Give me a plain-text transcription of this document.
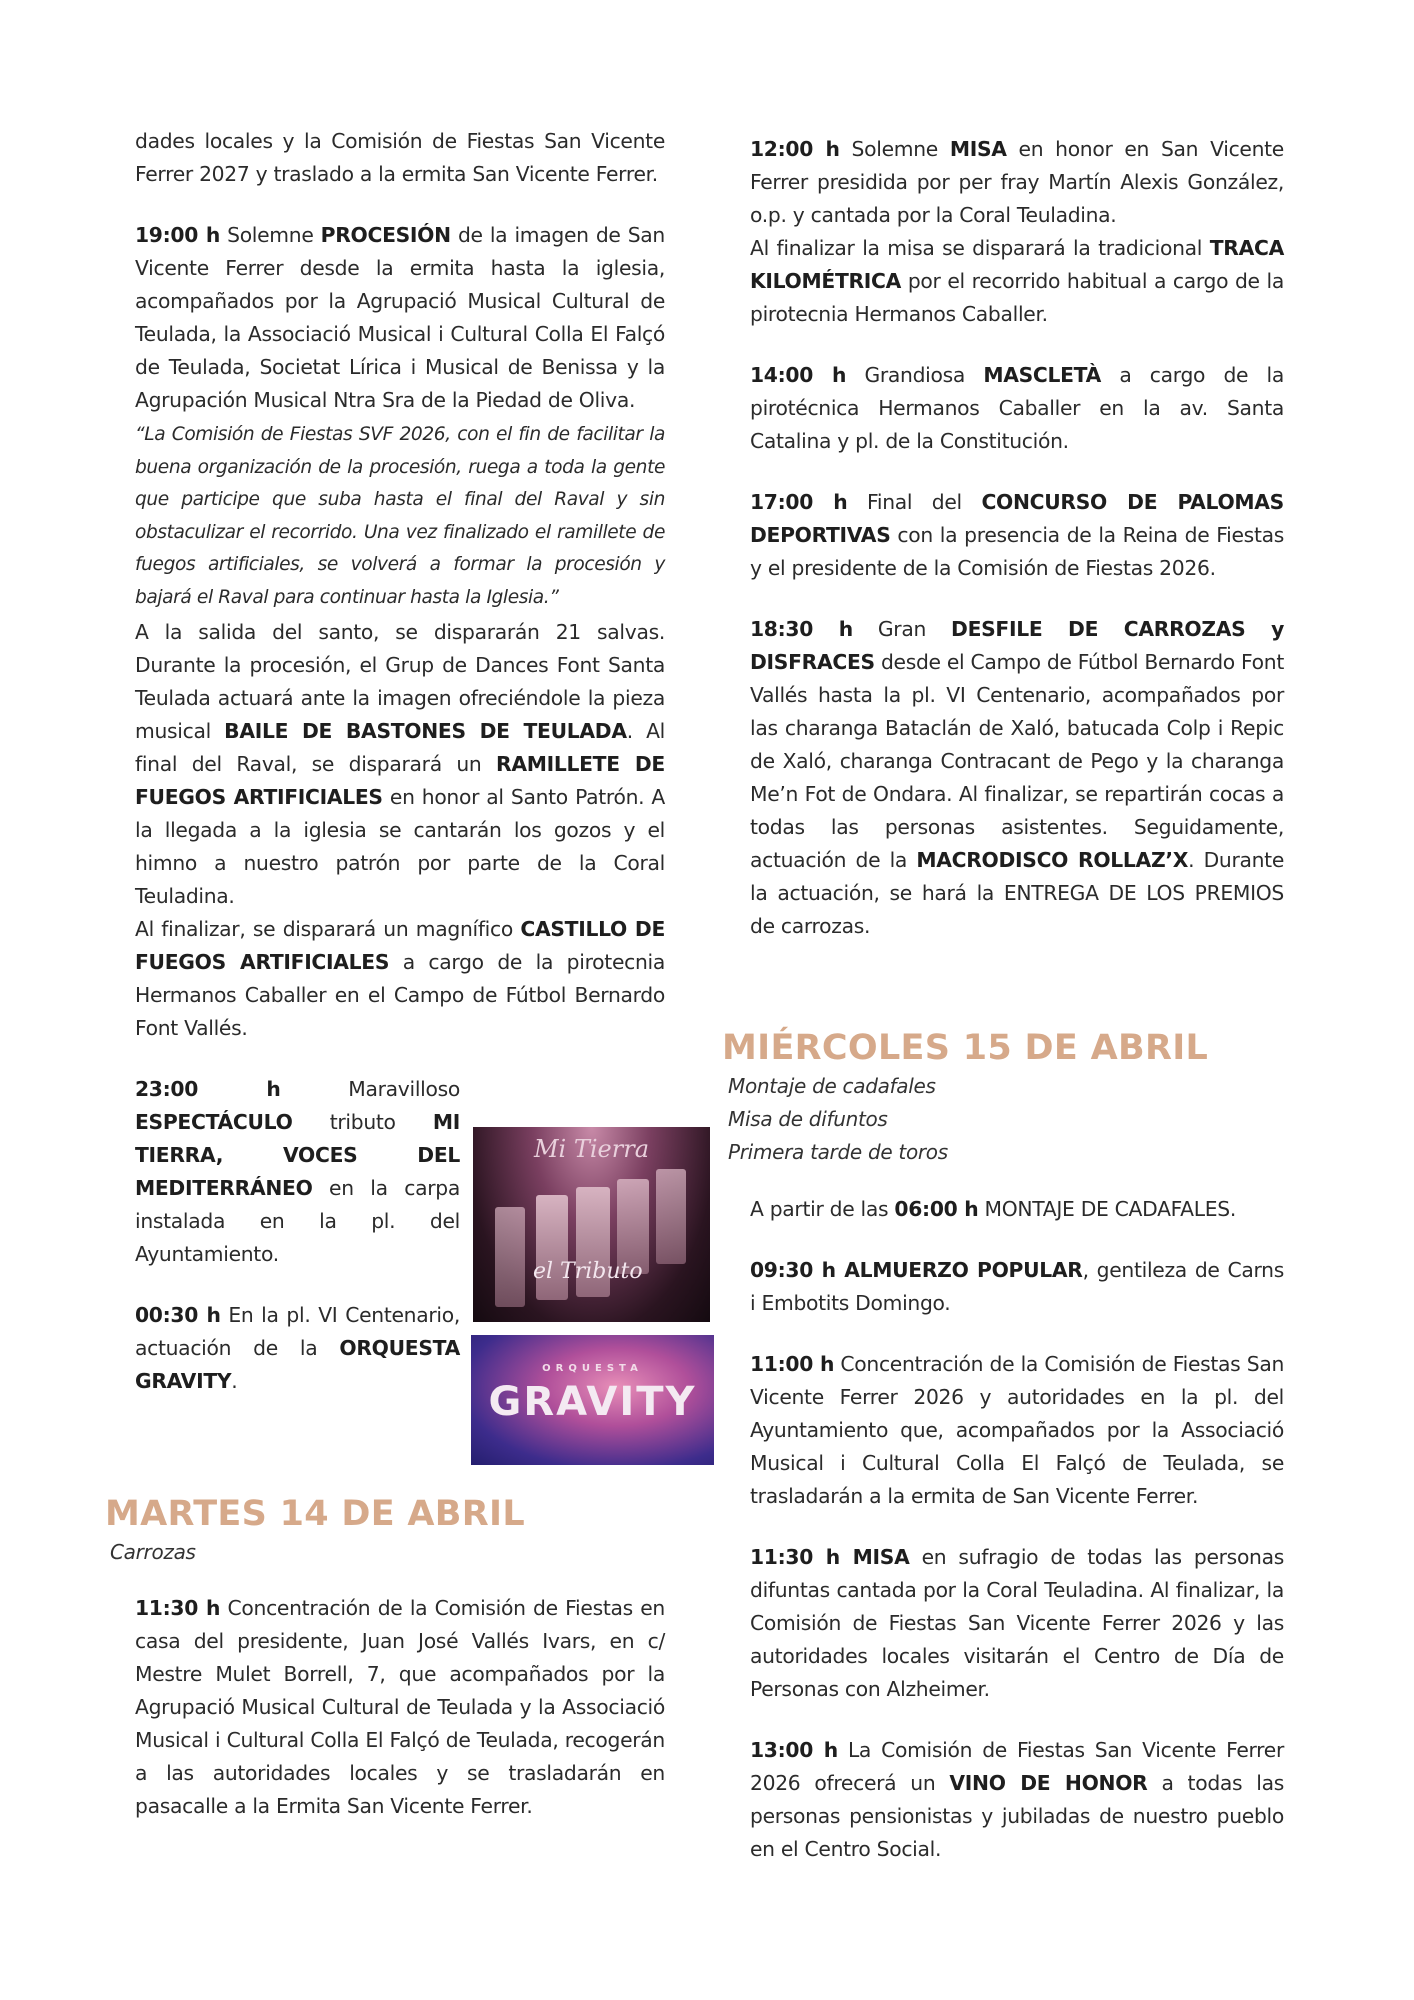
dades locales y la Comisión de Fiestas San Vicente Ferrer 2027 y traslado a la ermita San Vicente Ferrer.

19:00 h Solemne PROCESIÓN de la imagen de San Vicente Ferrer desde la ermita hasta la iglesia, acompañados por la Agrupació Musical Cultural de Teulada, la Associació Musical i Cultural Colla El Falçó de Teulada, Societat Lírica i Musical de Benissa y la Agrupación Musical Ntra Sra de la Piedad de Oliva.

“La Comisión de Fiestas SVF 2026, con el fin de facilitar la buena organización de la procesión, ruega a toda la gente que participe que suba hasta el final del Raval y sin obstaculizar el recorrido. Una vez finalizado el ramillete de fuegos artificiales, se volverá a formar la procesión y bajará el Raval para continuar hasta la Iglesia.”

A la salida del santo, se dispararán 21 salvas. Durante la procesión, el Grup de Dances Font Santa Teulada actuará ante la imagen ofreciéndole la pieza musical BAILE DE BASTONES DE TEULADA. Al final del Raval, se disparará un RAMILLETE DE FUEGOS ARTIFICIALES en honor al Santo Patrón. A la llegada a la iglesia se cantarán los gozos y el himno a nuestro patrón por parte de la Coral Teuladina.

Al finalizar, se disparará un magnífico CASTILLO DE FUEGOS ARTIFICIALES a cargo de la pirotecnia Hermanos Caballer en el Campo de Fútbol Bernardo Font Vallés.

23:00 h Maravilloso ESPECTÁCULO tributo MI TIERRA, VOCES DEL MEDITERRÁNEO en la carpa instalada en la pl. del Ayuntamiento.

00:30 h En la pl. VI Centenario, actuación de la ORQUESTA GRAVITY.

Mi Tierra
el Tributo
ORQUESTA
GRAVITY
MARTES 14 DE ABRIL

Carrozas

11:30 h Concentración de la Comisión de Fiestas en casa del presidente, Juan José Vallés Ivars, en c/ Mestre Mulet Borrell, 7, que acompañados por la Agrupació Musical Cultural de Teulada y la Associació Musical i Cultural Colla El Falçó de Teulada, recogerán a las autoridades locales y se trasladarán en pasacalle a la Ermita San Vicente Ferrer.

12:00 h Solemne MISA en honor en San Vicente Ferrer presidida por per fray Martín Alexis González, o.p. y cantada por la Coral Teuladina.

Al finalizar la misa se disparará la tradicional TRACA KILOMÉTRICA por el recorrido habitual a cargo de la pirotecnia Hermanos Caballer.

14:00 h Grandiosa MASCLETÀ a cargo de la pirotécnica Hermanos Caballer en la av. Santa Catalina y pl. de la Constitución.

17:00 h Final del CONCURSO DE PALOMAS DEPORTIVAS con la presencia de la Reina de Fiestas y el presidente de la Comisión de Fiestas 2026.

18:30 h Gran DESFILE DE CARROZAS y DISFRACES desde el Campo de Fútbol Bernardo Font Vallés hasta la pl. VI Centenario, acompañados por las charanga Bataclán de Xaló, batucada Colp i Repic de Xaló, charanga Contracant de Pego y la charanga Me’n Fot de Ondara. Al finalizar, se repartirán cocas a todas las personas asistentes. Seguidamente, actuación de la MACRODISCO ROLLAZ’X. Durante la actuación, se hará la ENTREGA DE LOS PREMIOS de carrozas.

MIÉRCOLES 15 DE ABRIL

Montaje de cadafales

Misa de difuntos

Primera tarde de toros

A partir de las 06:00 h MONTAJE DE CADAFALES.

09:30 h ALMUERZO POPULAR, gentileza de Carns i Embotits Domingo.

11:00 h Concentración de la Comisión de Fiestas San Vicente Ferrer 2026 y autoridades en la pl. del Ayuntamiento que, acompañados por la Associació Musical i Cultural Colla El Falçó de Teulada, se trasladarán a la ermita de San Vicente Ferrer.

11:30 h MISA en sufragio de todas las personas difuntas cantada por la Coral Teuladina. Al finalizar, la Comisión de Fiestas San Vicente Ferrer 2026 y las autoridades locales visitarán el Centro de Día de Personas con Alzheimer.

13:00 h La Comisión de Fiestas San Vicente Ferrer 2026 ofrecerá un VINO DE HONOR a todas las personas pensionistas y jubiladas de nuestro pueblo en el Centro Social.
